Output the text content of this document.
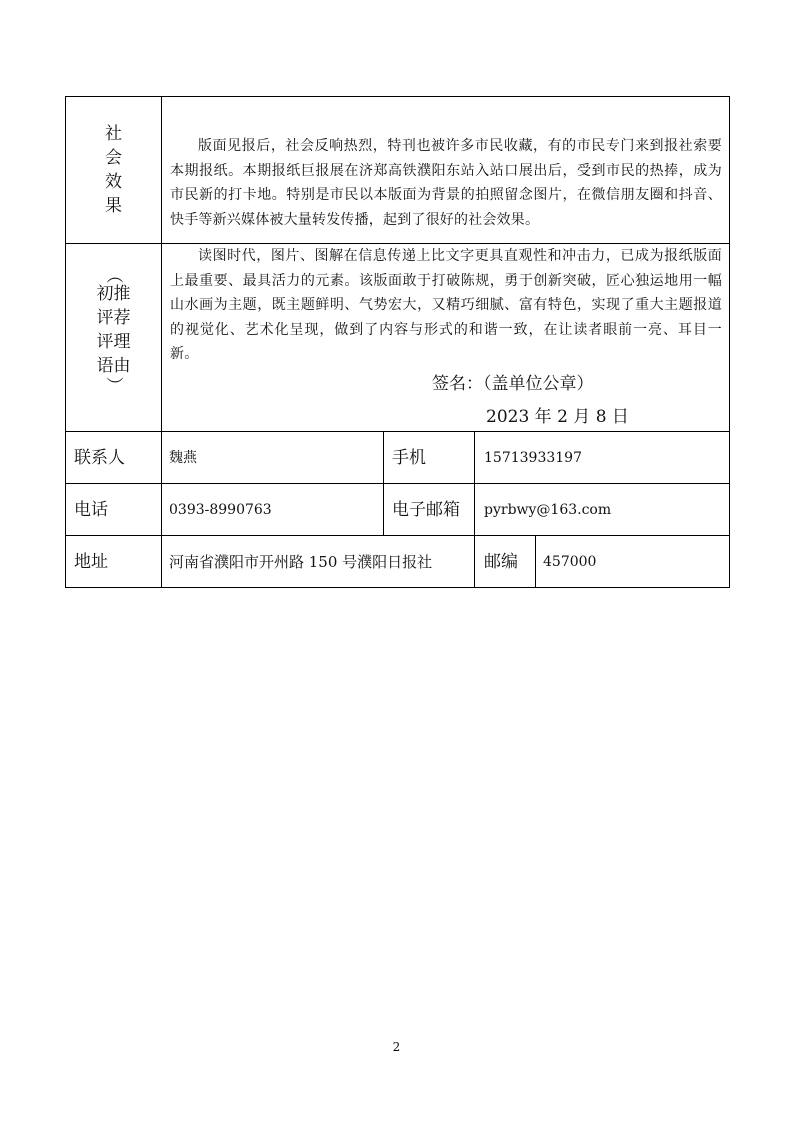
社
会
效
果
版面见报后，社会反响热烈，特刊也被许多市民收藏，有的市民专门来到报社索要本期报纸。本期报纸巨报展在济郑高铁濮阳东站入站口展出后，受到市民的热捧，成为市民新的打卡地。特别是市民以本版面为背景的拍照留念图片，在微信朋友圈和抖音、快手等新兴媒体被大量转发传播，起到了很好的社会效果。
（
初推
评荐
评理
语由
）
读图时代，图片、图解在信息传递上比文字更具直观性和冲击力，已成为报纸版面上最重要、最具活力的元素。该版面敢于打破陈规，勇于创新突破，匠心独运地用一幅山水画为主题，既主题鲜明、气势宏大，又精巧细腻、富有特色，实现了重大主题报道的视觉化、艺术化呈现，做到了内容与形式的和谐一致，在让读者眼前一亮、耳目一新。
签名：（盖单位公章）
2023 年 2 月 8 日
联系人	魏燕	手机	15713933197
电话	0393-8990763	电子邮箱 pyrbwy@163.com
地址	河南省濮阳市开州路 150 号濮阳日报社	邮编 457000
2
